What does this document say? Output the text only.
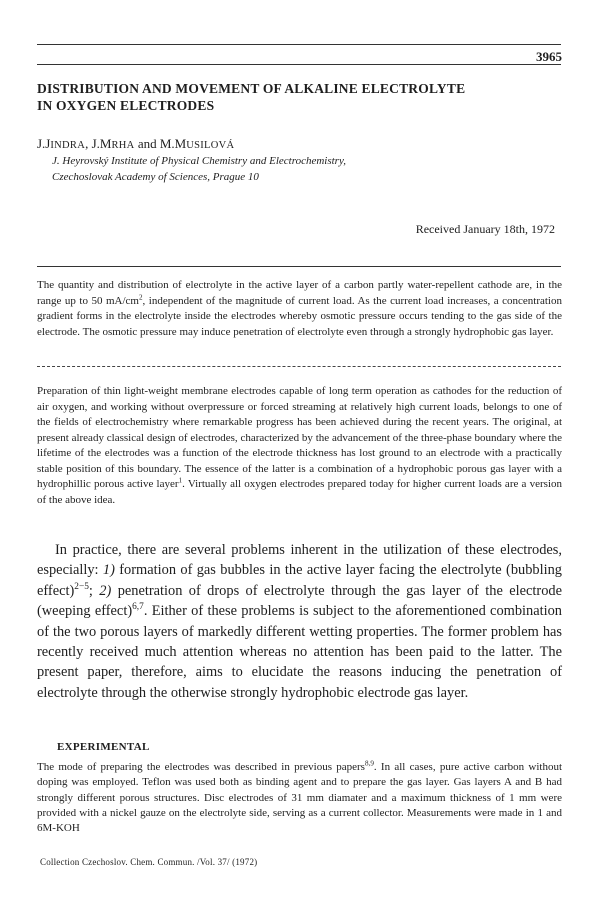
3965
DISTRIBUTION AND MOVEMENT OF ALKALINE ELECTROLYTE
IN OXYGEN ELECTRODES
J.JINDRA, J.MRHA and M.MUSILOVÁ
J. Heyrovský Institute of Physical Chemistry and Electrochemistry,
Czechoslovak Academy of Sciences, Prague 10
Received January 18th, 1972

The quantity and distribution of electrolyte in the active layer of a carbon partly water-repellent cathode are, in the range up to 50 $mA/cm^2$, independent of the magnitude of current load. As the current load increases, a concentration gradient forms in the electrolyte inside the electrodes whereby osmotic pressure occurs tending to the gas side of the electrode. The osmotic pressure may induce penetration of electrolyte even through a strongly hydrophobic gas layer.

Preparation of thin light-weight membrane electrodes capable of long term operation as cathodes for the reduction of air oxygen, and working without overpressure or forced streaming at relatively high current loads, belongs to one of the fields of electrochemistry where remarkable progress has been achieved during the recent years. The original, at present already classical design of electrodes, characterized by the advancement of the three-phase boundary where the lifetime of the electrodes was a function of the electrode thickness has lost ground to an electrode with a practically stable position of this boundary. The essence of the latter is a combination of a hydrophobic porous gas layer with a hydrophillic porous active layer$^1$. Virtually all oxygen electrodes prepared today for higher current loads are a version of the above idea.

In practice, there are several problems inherent in the utilization of these electrodes, especially: 1) formation of gas bubbles in the active layer facing the electrolyte (bubbling effect)$^{2-5}$; 2) penetration of drops of electrolyte through the gas layer of the electrode (weeping effect)$^{6,7}$. Either of these problems is subject to the aforementioned combination of the two porous layers of markedly different wetting properties. The former problem has recently received much attention whereas no attention has been paid to the latter. The present paper, therefore, aims to elucidate the reasons inducing the penetration of electrolyte through the otherwise strongly hydrophobic electrode gas layer.

EXPERIMENTAL

The mode of preparing the electrodes was described in previous papers$^{8,9}$. In all cases, pure active carbon without doping was employed. Teflon was used both as binding agent and to prepare the gas layer. Gas layers A and B had strongly different porous structures. Disc electrodes of 31 mm diamater and a maximum thickness of 1 mm were provided with a nickel gauze on the electrolyte side, serving as a current collector. Measurements were made in 1 and 6M-KOH

Collection Czechoslov. Chem. Commun. /Vol. 37/ (1972)
